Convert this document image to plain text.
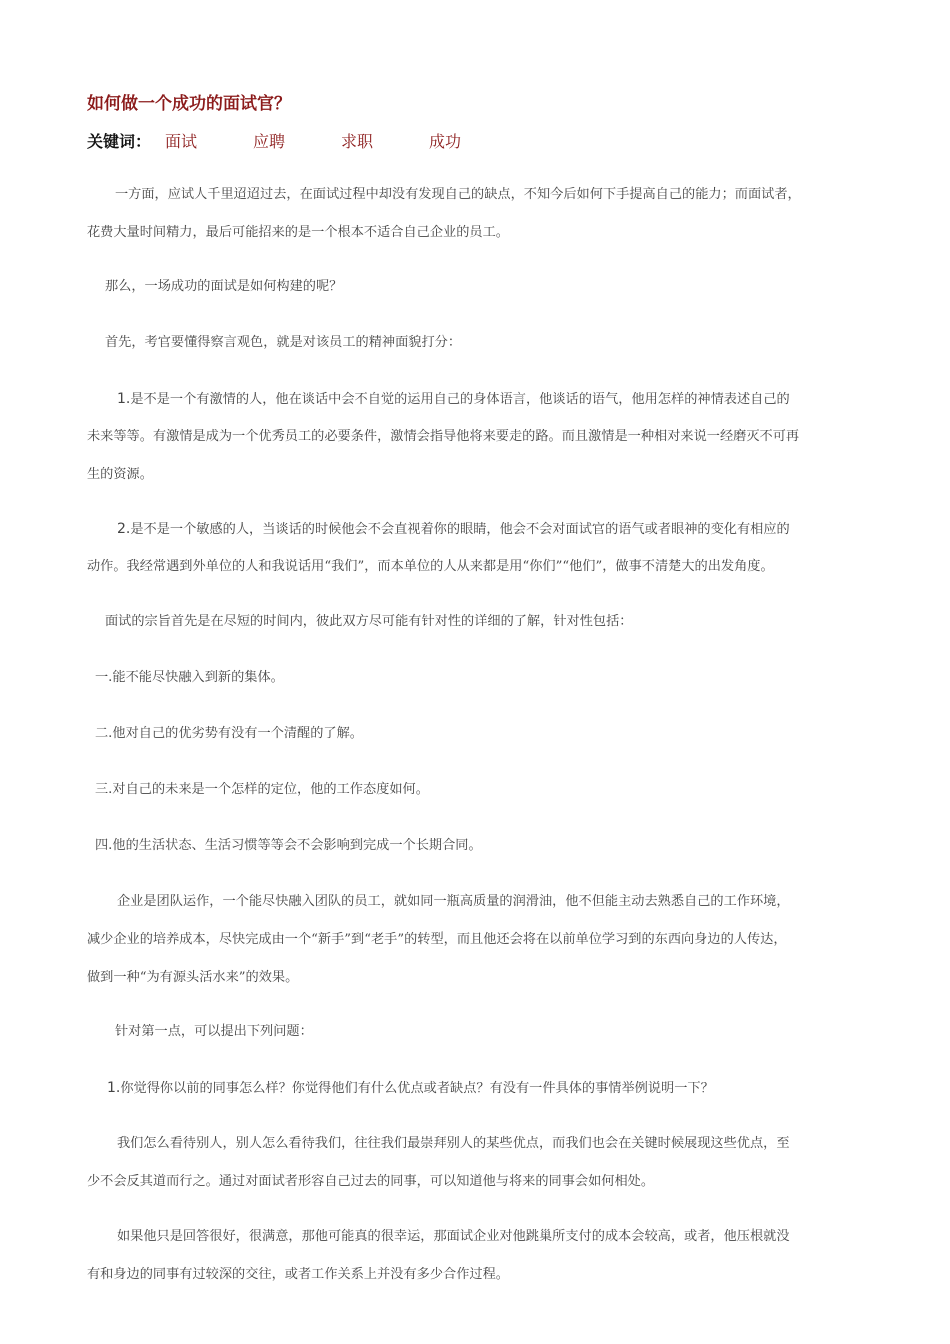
如何做一个成功的面试官？
关键词： 面试	应聘	求职	成功
一方面，应试人千里迢迢过去，在面试过程中却没有发现自己的缺点，不知今后如何下手提高自己的能力；而面试者，
花费大量时间精力，最后可能招来的是一个根本不适合自己企业的员工。
那么，一场成功的面试是如何构建的呢？
首先，考官要懂得察言观色，就是对该员工的精神面貌打分：
1.是不是一个有激情的人，他在谈话中会不自觉的运用自己的身体语言，他谈话的语气，他用怎样的神情表述自己的
未来等等。有激情是成为一个优秀员工的必要条件，激情会指导他将来要走的路。而且激情是一种相对来说一经磨灭不可再
生的资源。
2.是不是一个敏感的人，当谈话的时候他会不会直视着你的眼睛，他会不会对面试官的语气或者眼神的变化有相应的
动作。我经常遇到外单位的人和我说话用“我们”，而本单位的人从来都是用“你们”“他们”，做事不清楚大的出发角度。
面试的宗旨首先是在尽短的时间内，彼此双方尽可能有针对性的详细的了解，针对性包括：
一.能不能尽快融入到新的集体。
二.他对自己的优劣势有没有一个清醒的了解。
三.对自己的未来是一个怎样的定位，他的工作态度如何。
四.他的生活状态、生活习惯等等会不会影响到完成一个长期合同。
企业是团队运作，一个能尽快融入团队的员工，就如同一瓶高质量的润滑油，他不但能主动去熟悉自己的工作环境，
减少企业的培养成本，尽快完成由一个“新手”到“老手”的转型，而且他还会将在以前单位学习到的东西向身边的人传达，
做到一种“为有源头活水来”的效果。
针对第一点，可以提出下列问题：
1.你觉得你以前的同事怎么样？你觉得他们有什么优点或者缺点？有没有一件具体的事情举例说明一下？
我们怎么看待别人，别人怎么看待我们，往往我们最崇拜别人的某些优点，而我们也会在关键时候展现这些优点，至
少不会反其道而行之。通过对面试者形容自己过去的同事，可以知道他与将来的同事会如何相处。
如果他只是回答很好，很满意，那他可能真的很幸运，那面试企业对他跳巢所支付的成本会较高，或者，他压根就没
有和身边的同事有过较深的交往，或者工作关系上并没有多少合作过程。
